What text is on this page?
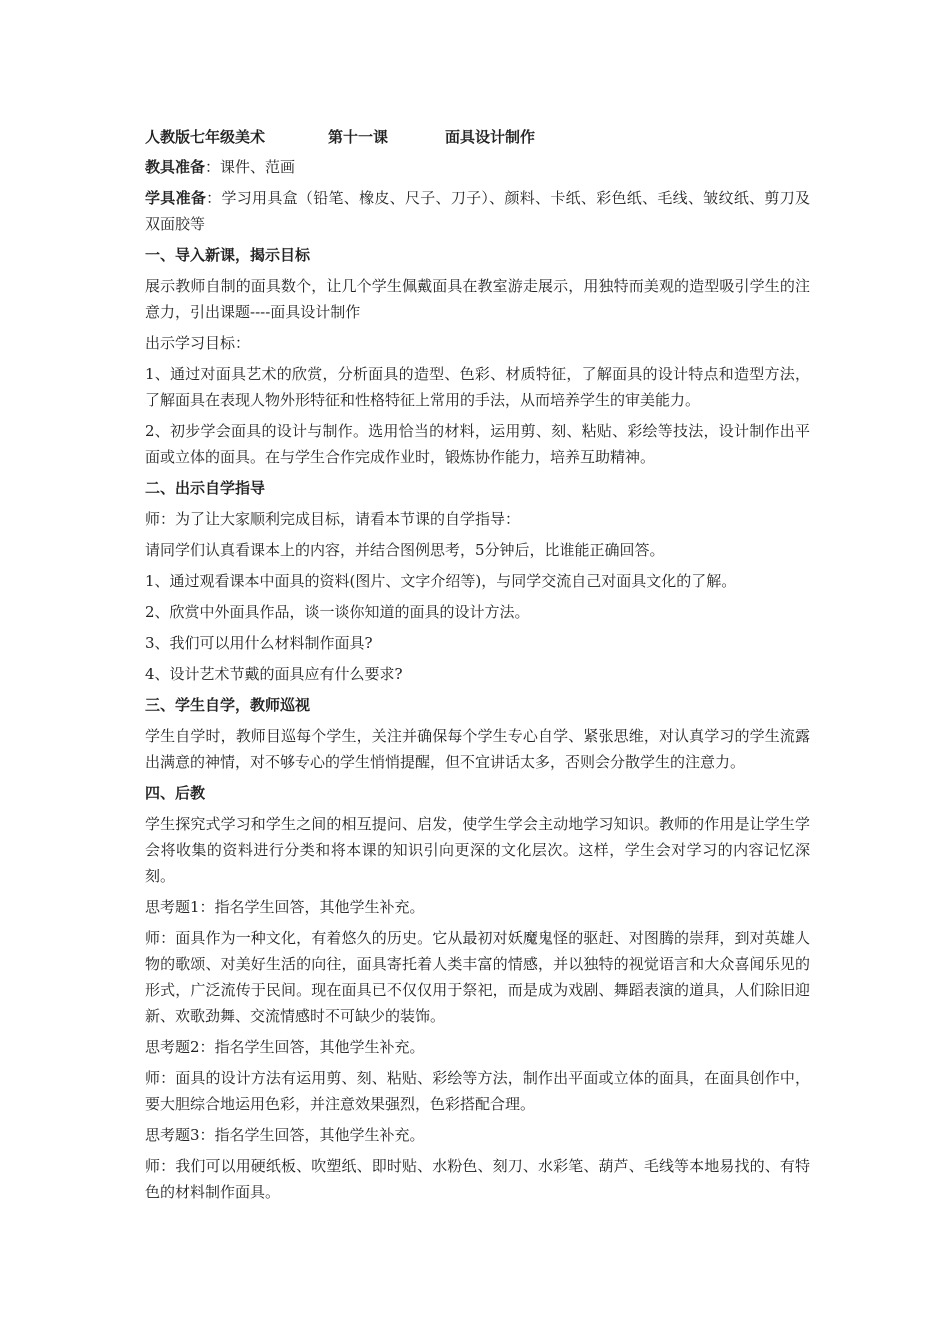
人教版七年级美术	第十一课	面具设计制作

教具准备：课件、范画

学具准备：学习用具盒（铅笔、橡皮、尺子、刀子）、颜料、卡纸、彩色纸、毛线、皱纹纸、剪刀及双面胶等

一、导入新课，揭示目标

展示教师自制的面具数个，让几个学生佩戴面具在教室游走展示，用独特而美观的造型吸引学生的注意力，引出课题----面具设计制作

出示学习目标：

1、通过对面具艺术的欣赏，分析面具的造型、色彩、材质特征，了解面具的设计特点和造型方法，了解面具在表现人物外形特征和性格特征上常用的手法，从而培养学生的审美能力。

2、初步学会面具的设计与制作。选用恰当的材料，运用剪、刻、粘贴、彩绘等技法，设计制作出平面或立体的面具。在与学生合作完成作业时，锻炼协作能力，培养互助精神。

二、出示自学指导

师：为了让大家顺利完成目标，请看本节课的自学指导：

请同学们认真看课本上的内容，并结合图例思考，5分钟后，比谁能正确回答。

1、通过观看课本中面具的资料(图片、文字介绍等)，与同学交流自己对面具文化的了解。

2、欣赏中外面具作品，谈一谈你知道的面具的设计方法。

3、我们可以用什么材料制作面具?

4、设计艺术节戴的面具应有什么要求?

三、学生自学，教师巡视

学生自学时，教师目巡每个学生，关注并确保每个学生专心自学、紧张思维，对认真学习的学生流露出满意的神情，对不够专心的学生悄悄提醒，但不宜讲话太多，否则会分散学生的注意力。

四、后教

学生探究式学习和学生之间的相互提问、启发，使学生学会主动地学习知识。教师的作用是让学生学会将收集的资料进行分类和将本课的知识引向更深的文化层次。这样，学生会对学习的内容记忆深刻。

思考题1：指名学生回答，其他学生补充。

师：面具作为一种文化，有着悠久的历史。它从最初对妖魔鬼怪的驱赶、对图腾的崇拜，到对英雄人物的歌颂、对美好生活的向往，面具寄托着人类丰富的情感，并以独特的视觉语言和大众喜闻乐见的形式，广泛流传于民间。现在面具已不仅仅用于祭祀，而是成为戏剧、舞蹈表演的道具，人们除旧迎新、欢歌劲舞、交流情感时不可缺少的装饰。

思考题2：指名学生回答，其他学生补充。

师：面具的设计方法有运用剪、刻、粘贴、彩绘等方法，制作出平面或立体的面具，在面具创作中，要大胆综合地运用色彩，并注意效果强烈，色彩搭配合理。

思考题3：指名学生回答，其他学生补充。

师：我们可以用硬纸板、吹塑纸、即时贴、水粉色、刻刀、水彩笔、葫芦、毛线等本地易找的、有特色的材料制作面具。
